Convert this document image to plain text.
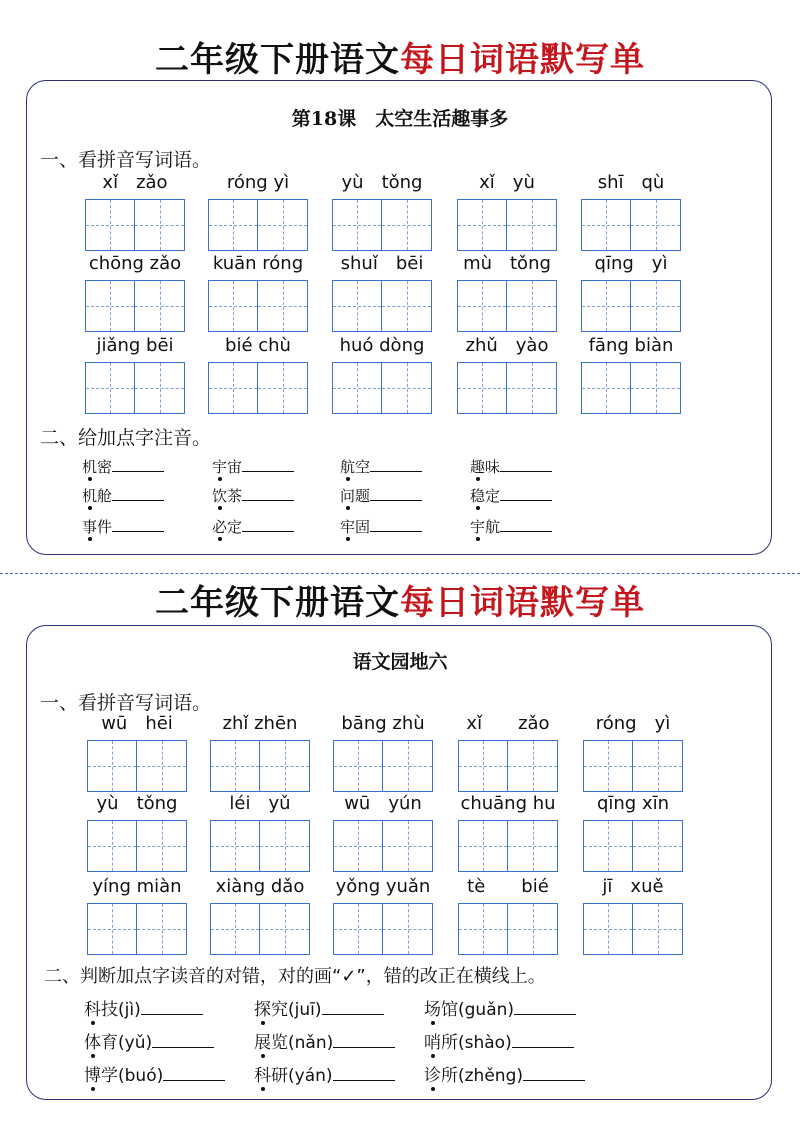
二年级下册语文每日词语默写单
第18课　太空生活趣事多
一、看拼音写词语。
xǐ　zǎo	róng yì	yù　tǒng	xǐ　yù	shī　qù
chōng zǎo	kuān róng	shuǐ　bēi	mù　tǒng	qīng　yì
jiǎng bēi	bié chù	huó dòng	zhǔ　yào	fāng biàn
二、给加点字注音。
机密	宇宙	航空	趣味
机舱	饮茶	问题	稳定
事件	必定	牢固	宇航
二年级下册语文每日词语默写单
语文园地六
一、看拼音写词语。
wū　hēi	zhǐ zhēn	bāng zhù	xǐ　　zǎo	róng　yì
yù　tǒng	léi　yǔ	wū　yún	chuāng hu	qīng xīn
yíng miàn	xiàng dǎo	yǒng yuǎn	tè　　bié	jī　xuě
二、判断加点字读音的对错，对的画“✓”，错的改正在横线上。
科技(jì)	探究(juī)	场馆(guǎn)
体育(yǔ)	展览(nǎn)	哨所(shào)
博学(buó)	科研(yán)	诊所(zhěng)
